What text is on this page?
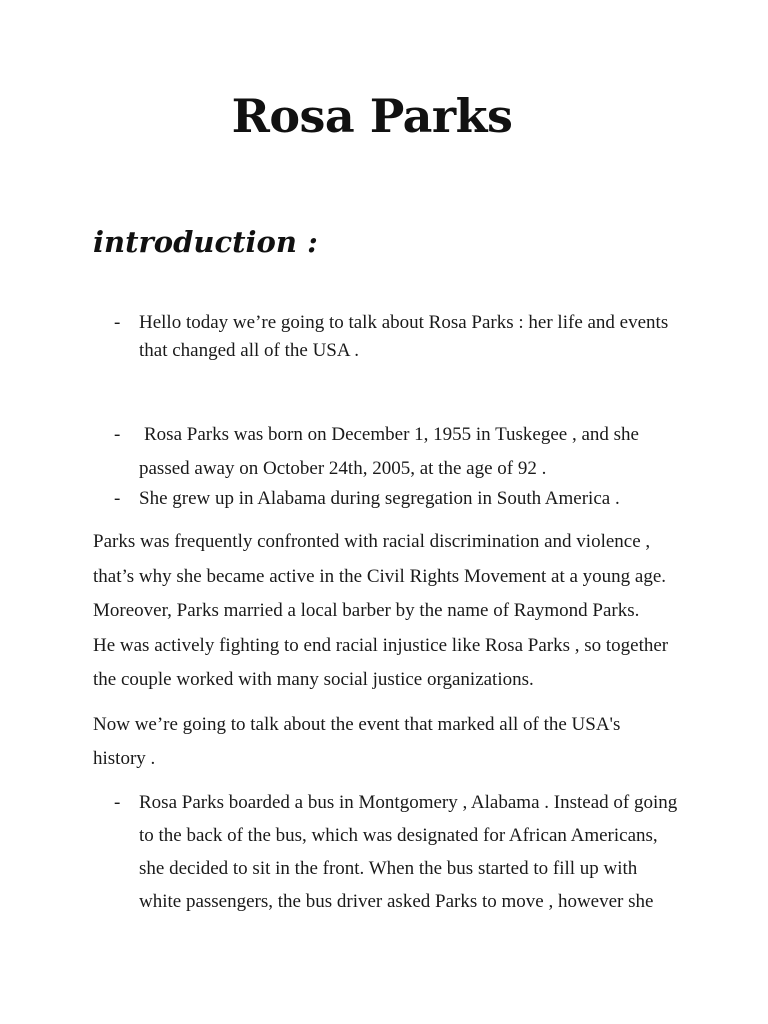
Rosa Parks
introduction :
- Hello today we’re going to talk about Rosa Parks : her life and events that changed all of the USA .
- Rosa Parks was born on December 1, 1955 in Tuskegee , and she passed away on October 24th, 2005, at the age of 92 .
- She grew up in Alabama during segregation in South America .

Parks was frequently confronted with racial discrimination and violence ,
that’s why she became active in the Civil Rights Movement at a young age.
Moreover, Parks married a local barber by the name of Raymond Parks.
He was actively fighting to end racial injustice like Rosa Parks , so together
the couple worked with many social justice organizations.

Now we’re going to talk about the event that marked all of the USA's
history .

- Rosa Parks boarded a bus in Montgomery , Alabama . Instead of going to the back of the bus, which was designated for African Americans, she decided to sit in the front. When the bus started to fill up with white passengers, the bus driver asked Parks to move , however she
